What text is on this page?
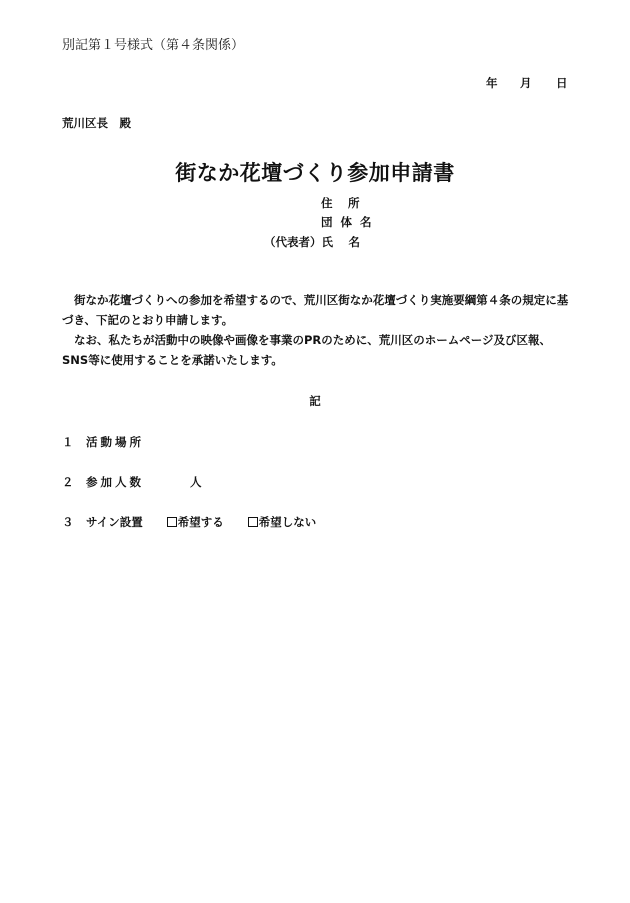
別記第１号様式（第４条関係）
年 月 日
荒川区長　殿
街なか花壇づくり参加申請書
住　 所
団 体 名
（代表者）氏　 名
街なか花壇づくりへの参加を希望するので、荒川区街なか花壇づくり実施要綱第４条の規定に基づき、下記のとおり申請します。
なお、私たちが活動中の映像や画像を事業のPRのために、荒川区のホームページ及び区報、SNS等に使用することを承諾いたします。
記
１ 活動場所
２ 参加人数	人
３ サイン設置	希望する	希望しない
